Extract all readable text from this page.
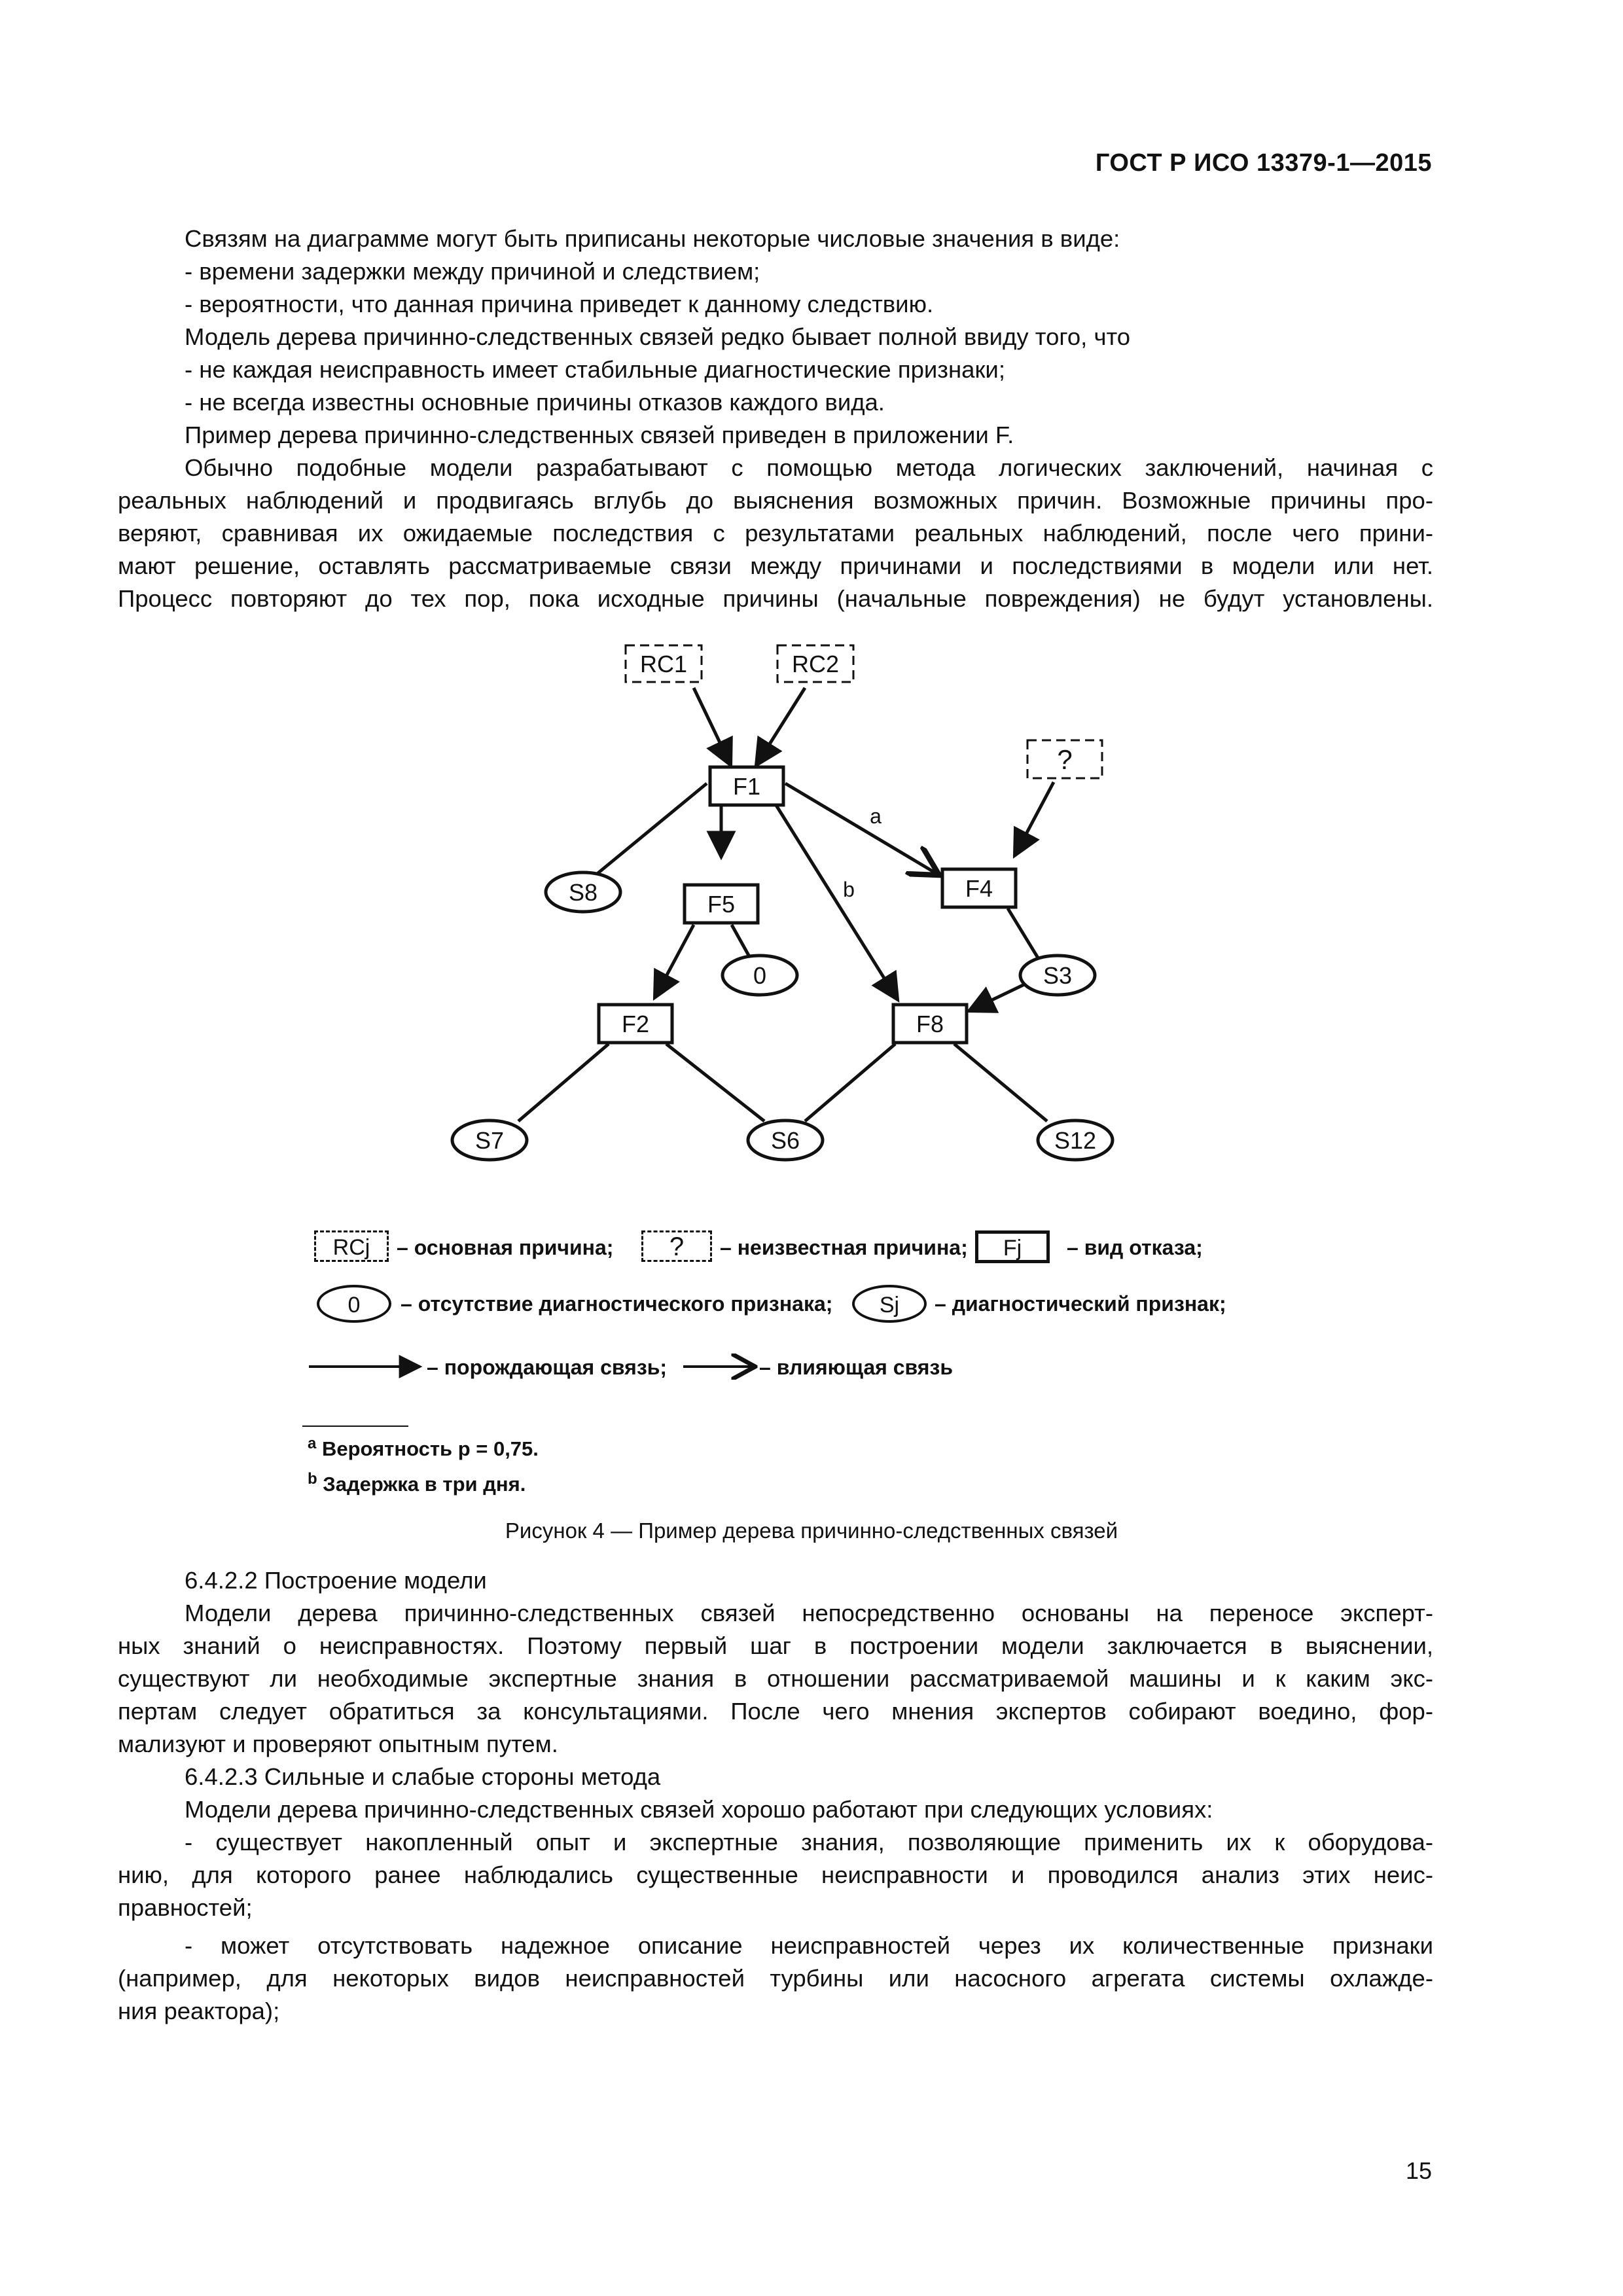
ГОСТ Р ИСО 13379-1—2015
Связям на диаграмме могут быть приписаны некоторые числовые значения в виде:
- времени задержки между причиной и следствием;
- вероятности, что данная причина приведет к данному следствию.
Модель дерева причинно-следственных связей редко бывает полной ввиду того, что
- не каждая неисправность имеет стабильные диагностические признаки;
- не всегда известны основные причины отказов каждого вида.
Пример дерева причинно-следственных связей приведен в приложении F.
Обычно подобные модели разрабатывают с помощью метода логических заключений, начиная с
реальных наблюдений и продвигаясь вглубь до выяснения возможных причин. Возможные причины про-
веряют, сравнивая их ожидаемые последствия с результатами реальных наблюдений, после чего прини-
мают решение, оставлять рассматриваемые связи между причинами и последствиями в модели или нет.
Процесс повторяют до тех пор, пока исходные причины (начальные повреждения) не будут установлены.
RC1	RC2
?
F1
F5
F4
F2	F8
S8
0	S3
S7	S6	S12
a
b
RCj	– основная причина;	?	– неизвестная причина;	Fj	– вид отказа;
0	– отсутствие диагностического признака;	Sj	– диагностический признак;
– порождающая связь;	– влияющая связь
$^a$ Вероятность p = 0,75.
$^b$ Задержка в три дня.
Рисунок 4 — Пример дерева причинно-следственных связей
6.4.2.2 Построение модели
Модели дерева причинно-следственных связей непосредственно основаны на переносе эксперт-
ных знаний о неисправностях. Поэтому первый шаг в построении модели заключается в выяснении,
существуют ли необходимые экспертные знания в отношении рассматриваемой машины и к каким экс-
пертам следует обратиться за консультациями. После чего мнения экспертов собирают воедино, фор-
мализуют и проверяют опытным путем.
6.4.2.3 Сильные и слабые стороны метода
Модели дерева причинно-следственных связей хорошо работают при следующих условиях:
- существует накопленный опыт и экспертные знания, позволяющие применить их к оборудова-
нию, для которого ранее наблюдались существенные неисправности и проводился анализ этих неис-
правностей;
- может отсутствовать надежное описание неисправностей через их количественные признаки
(например, для некоторых видов неисправностей турбины или насосного агрегата системы охлажде-
ния реактора);
15
